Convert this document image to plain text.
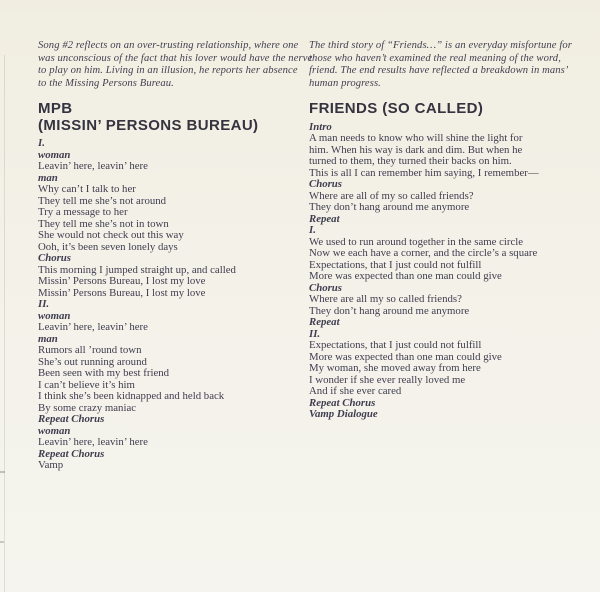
Song #2 reflects on an over-trusting relationship, where one
was unconscious of the fact that his lover would have the nerve
to play on him. Living in an illusion, he reports her absence
to the Missing Persons Bureau.

MPB
(MISSIN’ PERSONS BUREAU)
I.
woman
Leavin’ here, leavin’ here
man
Why can’t I talk to her
They tell me she’s not around
Try a message to her
They tell me she’s not in town
She would not check out this way
Ooh, it’s been seven lonely days
Chorus
This morning I jumped straight up, and called
Missin’ Persons Bureau, I lost my love
Missin’ Persons Bureau, I lost my love
II.
woman
Leavin’ here, leavin’ here
man
Rumors all ’round town
She’s out running around
Been seen with my best friend
I can’t believe it’s him
I think she’s been kidnapped and held back
By some crazy maniac
Repeat Chorus
woman
Leavin’ here, leavin’ here
Repeat Chorus
Vamp

The third story of “Friends…” is an everyday misfortune for
those who haven’t examined the real meaning of the word,
friend. The end results have reflected a breakdown in mans’
human progress.

FRIENDS (SO CALLED)
Intro
A man needs to know who will shine the light for
him. When his way is dark and dim. But when he
turned to them, they turned their backs on him.
This is all I can remember him saying, I remember—
Chorus
Where are all of my so called friends?
They don’t hang around me anymore
Repeat
I.
We used to run around together in the same circle
Now we each have a corner, and the circle’s a square
Expectations, that I just could not fulfill
More was expected than one man could give
Chorus
Where are all my so called friends?
They don’t hang around me anymore
Repeat
II.
Expectations, that I just could not fulfill
More was expected than one man could give
My woman, she moved away from here
I wonder if she ever really loved me
And if she ever cared
Repeat Chorus
Vamp Dialogue
